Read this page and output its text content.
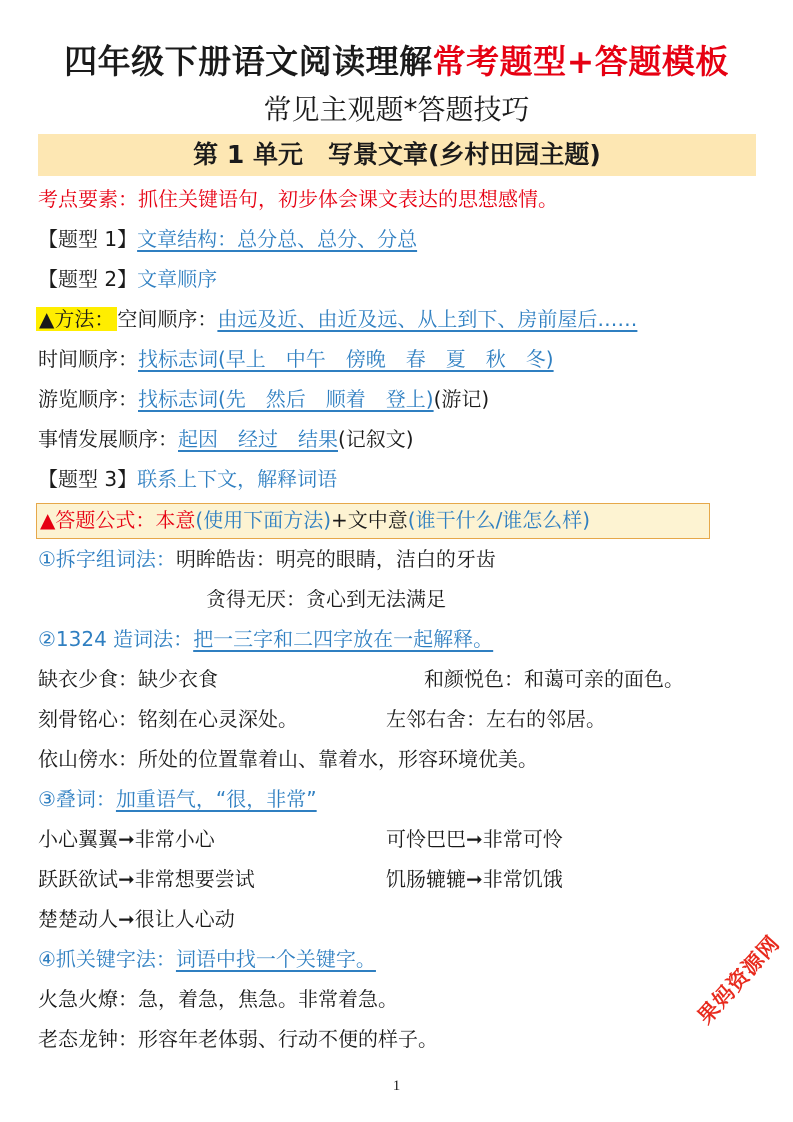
四年级下册语文阅读理解常考题型+答题模板
常见主观题*答题技巧
第 1 单元　写景文章(乡村田园主题)
考点要素：抓住关键语句，初步体会课文表达的思想感情。
【题型 1】文章结构：总分总、总分、分总
【题型 2】文章顺序
▲方法： 空间顺序：由远及近、由近及远、从上到下、房前屋后……
时间顺序：找标志词(早上　中午　傍晚　春　夏　秋　冬)
游览顺序：找标志词(先　然后　顺着　登上)(游记)
事情发展顺序：起因　经过　结果(记叙文)
【题型 3】联系上下文，解释词语
▲答题公式：本意(使用下面方法)+文中意(谁干什么/谁怎么样)
①拆字组词法：明眸皓齿：明亮的眼睛，洁白的牙齿
贪得无厌：贪心到无法满足
②1324 造词法：把一三字和二四字放在一起解释。
缺衣少食：缺少衣食	和颜悦色：和蔼可亲的面色。
刻骨铭心：铭刻在心灵深处。	左邻右舍：左右的邻居。
依山傍水：所处的位置靠着山、靠着水，形容环境优美。
③叠词：加重语气，“很，非常”
小心翼翼➞非常小心	可怜巴巴➞非常可怜
跃跃欲试➞非常想要尝试	饥肠辘辘➞非常饥饿
楚楚动人➞很让人心动
④抓关键字法：词语中找一个关键字。
火急火燎：急，着急，焦急。非常着急。
老态龙钟：形容年老体弱、行动不便的样子。
1
果妈资源网
